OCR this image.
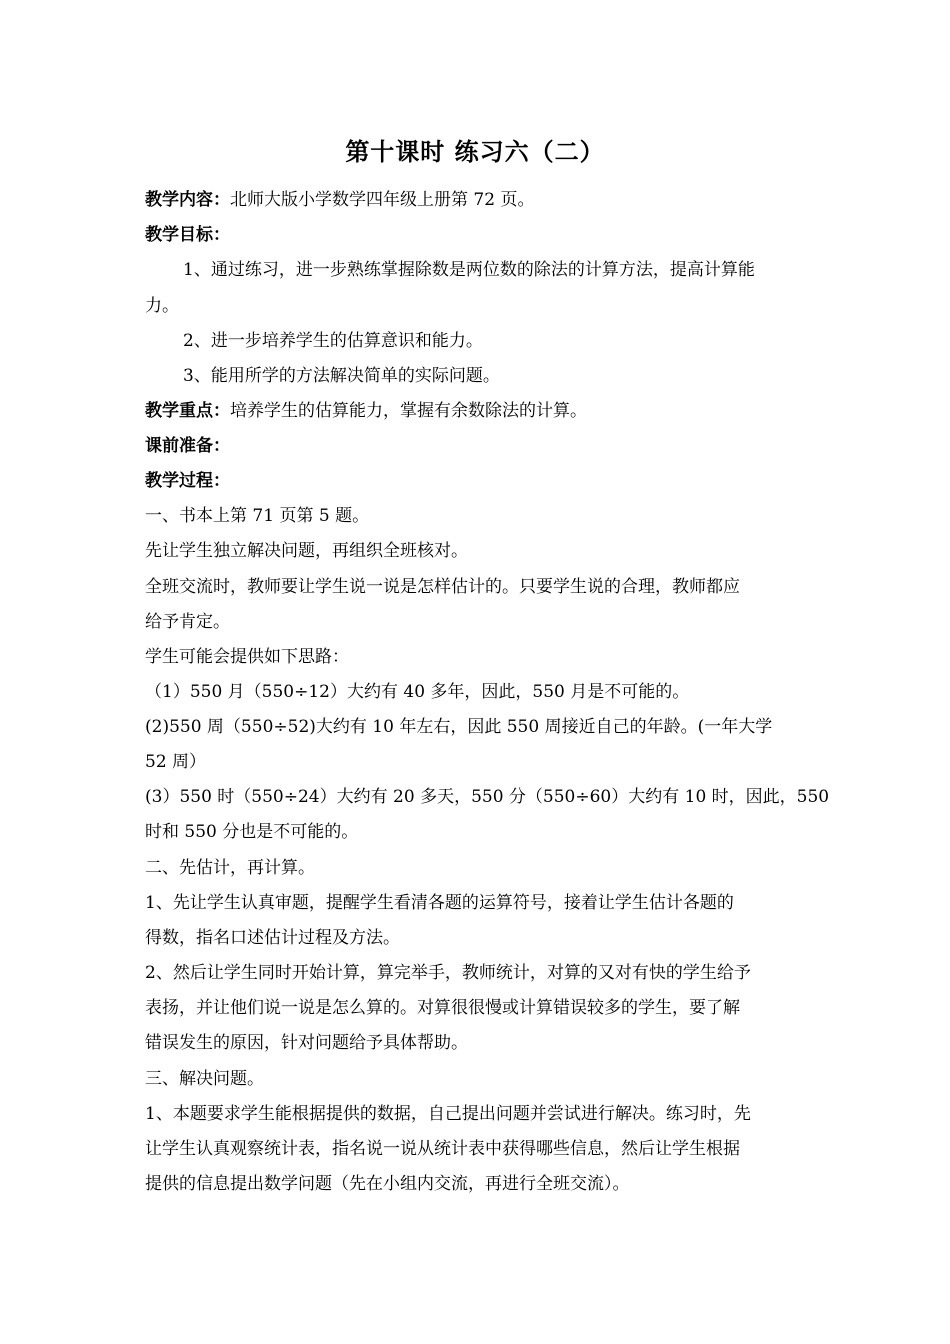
第十课时 练习六（二）
教学内容：北师大版小学数学四年级上册第 72 页。
教学目标：
1、通过练习，进一步熟练掌握除数是两位数的除法的计算方法，提高计算能
力。
2、进一步培养学生的估算意识和能力。
3、能用所学的方法解决简单的实际问题。
教学重点：培养学生的估算能力，掌握有余数除法的计算。
课前准备：
教学过程：
一、书本上第 71 页第 5 题。
先让学生独立解决问题，再组织全班核对。
全班交流时，教师要让学生说一说是怎样估计的。只要学生说的合理，教师都应
给予肯定。
学生可能会提供如下思路：
（1）550 月（550÷12）大约有 40 多年，因此，550 月是不可能的。
(2)550 周（550÷52)大约有 10 年左右，因此 550 周接近自己的年龄。(一年大学
52 周）
(3）550 时（550÷24）大约有 20 多天，550 分（550÷60）大约有 10 时，因此，550
时和 550 分也是不可能的。
二、先估计，再计算。
1、先让学生认真审题，提醒学生看清各题的运算符号，接着让学生估计各题的
得数，指名口述估计过程及方法。
2、然后让学生同时开始计算，算完举手，教师统计，对算的又对有快的学生给予
表扬，并让他们说一说是怎么算的。对算很很慢或计算错误较多的学生，要了解
错误发生的原因，针对问题给予具体帮助。
三、解决问题。
1、本题要求学生能根据提供的数据，自己提出问题并尝试进行解决。练习时，先
让学生认真观察统计表，指名说一说从统计表中获得哪些信息，然后让学生根据
提供的信息提出数学问题（先在小组内交流，再进行全班交流）。
